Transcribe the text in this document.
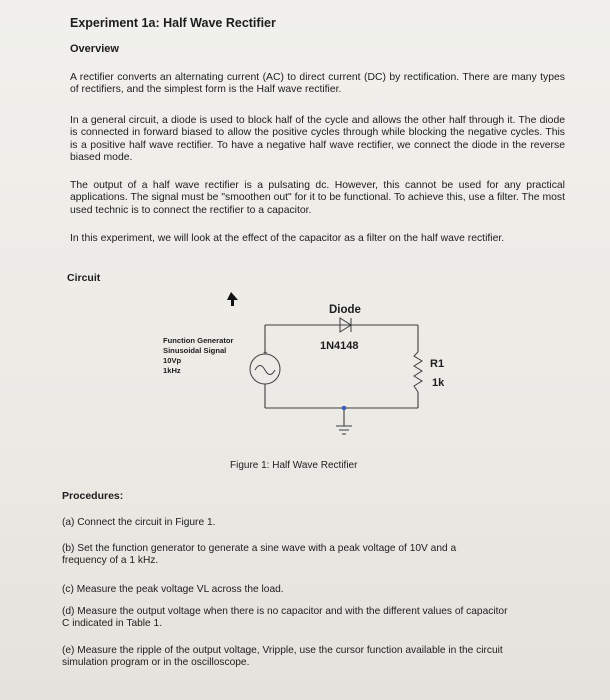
Experiment 1a: Half Wave Rectifier
Overview
A rectifier converts an alternating current (AC) to direct current (DC) by rectification. There are many types of rectifiers, and the simplest form is the Half wave rectifier.
In a general circuit, a diode is used to block half of the cycle and allows the other half through it. The diode is connected in forward biased to allow the positive cycles through while blocking the negative cycles. This is a positive half wave rectifier. To have a negative half wave rectifier, we connect the diode in the reverse biased mode.
The output of a half wave rectifier is a pulsating dc. However, this cannot be used for any practical applications. The signal must be "smoothen out" for it to be functional. To achieve this, use a filter. The most used technic is to connect the rectifier to a capacitor.
In this experiment, we will look at the effect of the capacitor as a filter on the half wave rectifier.
Circuit
+
Function Generator
Sinusoidal Signal
10Vp
1kHz
Diode
1N4148
R1
1k
Figure 1: Half Wave Rectifier
Procedures:
(a) Connect the circuit in Figure 1.
(b) Set the function generator to generate a sine wave with a peak voltage of 10V and a frequency of a 1 kHz.
(c) Measure the peak voltage VL across the load.
(d) Measure the output voltage when there is no capacitor and with the different values of capacitor C indicated in Table 1.
(e) Measure the ripple of the output voltage, Vripple, use the cursor function available in the circuit simulation program or in the oscilloscope.
